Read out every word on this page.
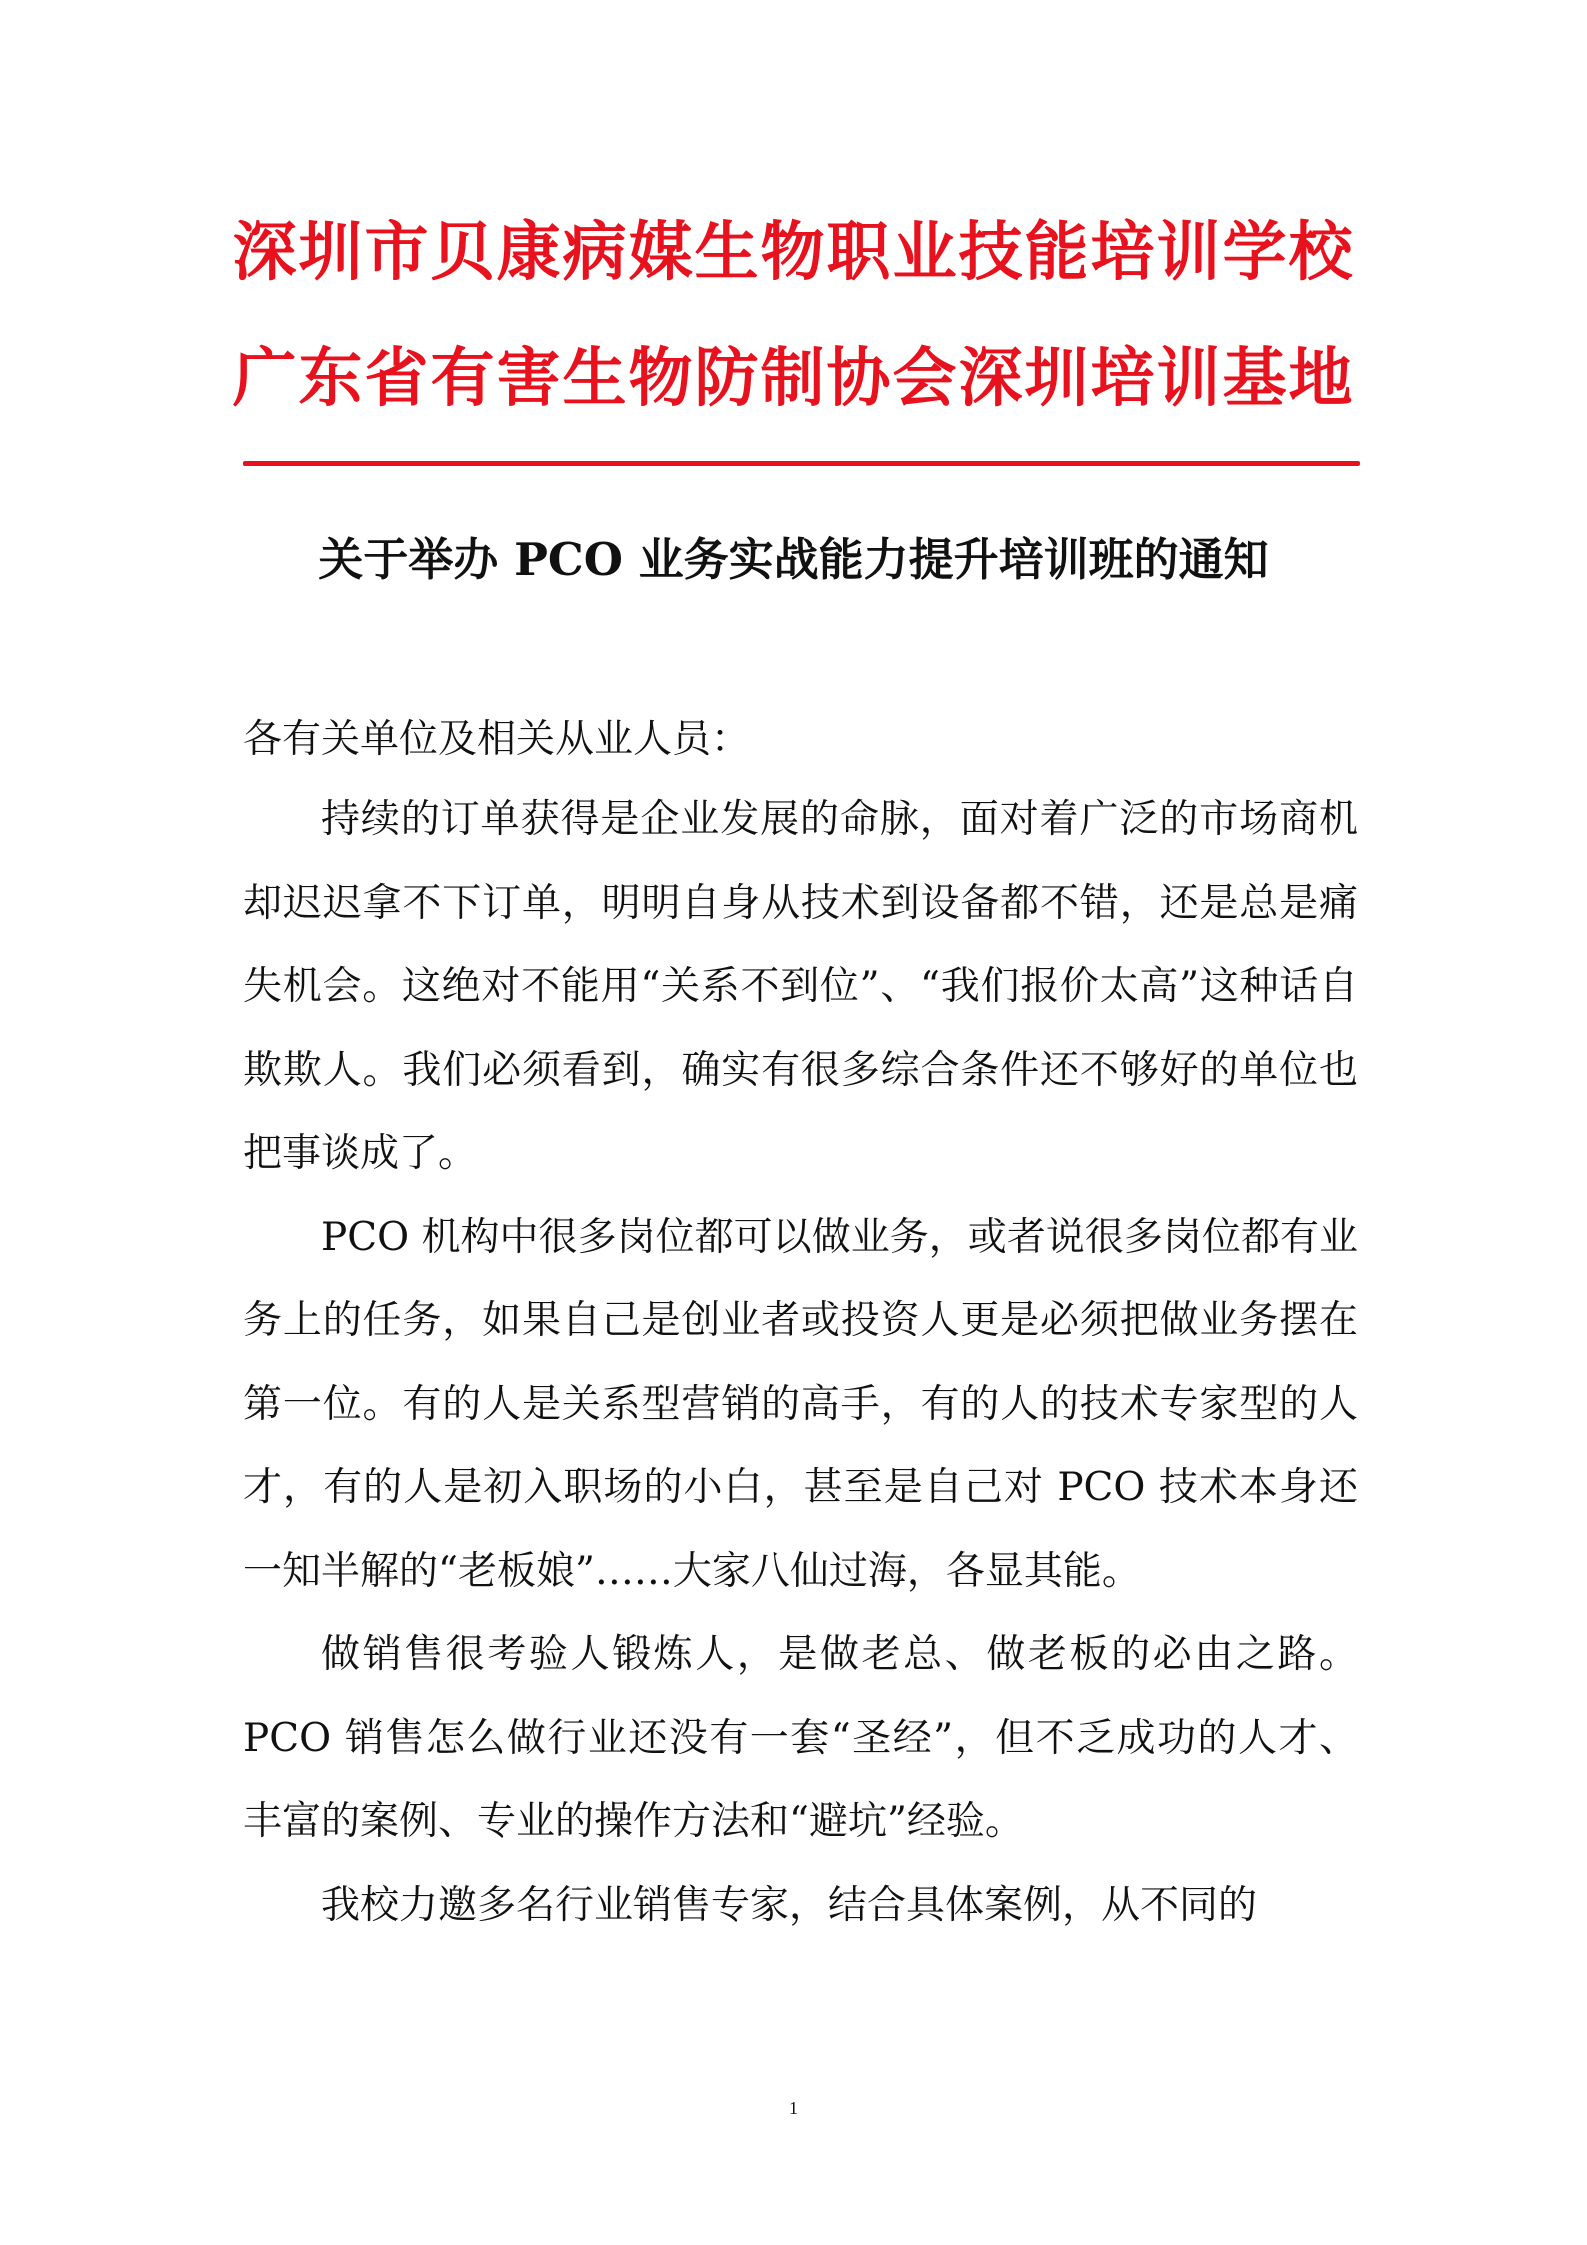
深圳市贝康病媒生物职业技能培训学校
广东省有害生物防制协会深圳培训基地
关于举办 PCO 业务实战能力提升培训班的通知

各有关单位及相关从业人员：

持续的订单获得是企业发展的命脉，面对着广泛的市场商机却迟迟拿不下订单，明明自身从技术到设备都不错，还是总是痛失机会。这绝对不能用“关系不到位”、“我们报价太高”这种话自欺欺人。我们必须看到，确实有很多综合条件还不够好的单位也把事谈成了。

PCO 机构中很多岗位都可以做业务，或者说很多岗位都有业务上的任务，如果自己是创业者或投资人更是必须把做业务摆在第一位。有的人是关系型营销的高手，有的人的技术专家型的人才，有的人是初入职场的小白，甚至是自己对 PCO 技术本身还一知半解的“老板娘”……大家八仙过海，各显其能。

做销售很考验人锻炼人，是做老总、做老板的必由之路。PCO 销售怎么做行业还没有一套“圣经”，但不乏成功的人才、丰富的案例、专业的操作方法和“避坑”经验。

我校力邀多名行业销售专家，结合具体案例，从不同的

1
